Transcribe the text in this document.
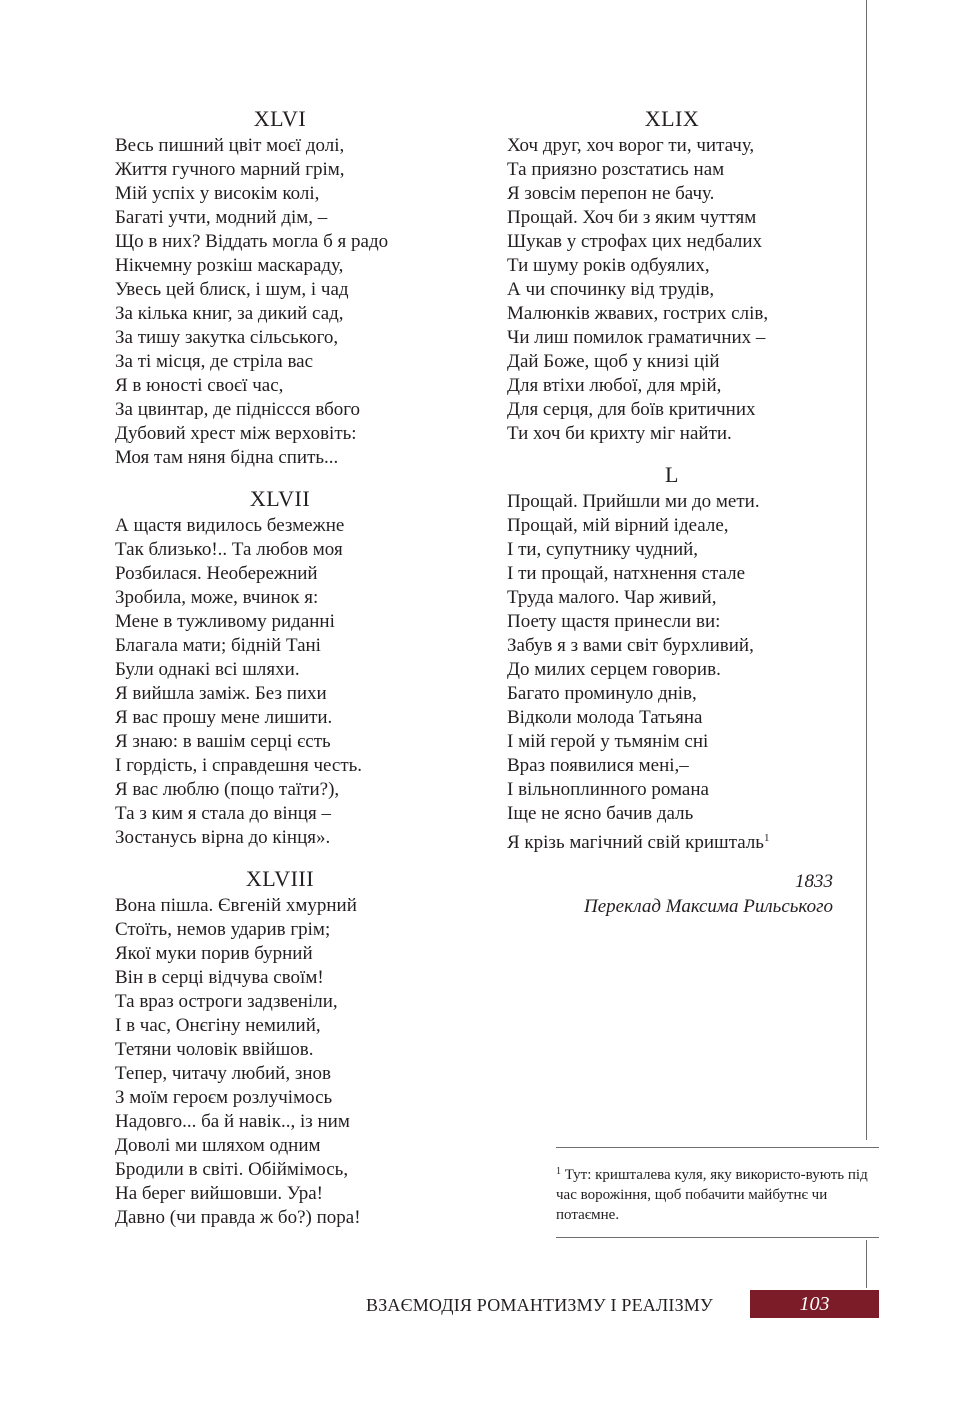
XLVI
Весь пишний цвіт моєї долі,
Життя гучного марний грім,
Мій успіх у високім колі,
Багаті учти, модний дім, –
Що в них? Віддать могла б я радо
Нікчемну розкіш маскараду,
Увесь цей блиск, і шум, і чад
За кілька книг, за дикий сад,
За тишу закутка сільського,
За ті місця, де стріла вас
Я в юності своєї час,
За цвинтар, де підніссся вбого
Дубовий хрест між верховіть:
Моя там няня бідна спить...
XLVII
А щастя видилось безмежне
Так близько!.. Та любов моя
Розбилася. Необережний
Зробила, може, вчинок я:
Мене в тужливому риданні
Благала мати; бідній Тані
Були однакі всі шляхи.
Я вийшла заміж. Без пихи
Я вас прошу мене лишити.
Я знаю: в вашім серці єсть
І гордість, і справдешня честь.
Я вас люблю (пощо таїти?),
Та з ким я стала до вінця –
Зостанусь вірна до кінця».
XLVIII
Вона пішла. Євгеній хмурний
Стоїть, немов ударив грім;
Якої муки порив бурний
Він в серці відчува своїм!
Та враз остроги задзвеніли,
І в час, Онєгіну немилий,
Тетяни чоловік ввійшов.
Тепер, читачу любий, знов
З моїм героєм розлучімось
Надовго... ба й навік.., із ним
Доволі ми шляхом одним
Бродили в світі. Обіймімось,
На берег вийшовши. Ура!
Давно (чи правда ж бо?) пора!
XLIX
Хоч друг, хоч ворог ти, читачу,
Та приязно розстатись нам
Я зовсім перепон не бачу.
Прощай. Хоч би з яким чуттям
Шукав у строфах цих недбалих
Ти шуму років одбуялих,
А чи спочинку від трудів,
Малюнків жвавих, гострих слів,
Чи лиш помилок граматичних –
Дай Боже, щоб у книзі цій
Для втіхи любої, для мрій,
Для серця, для боїв критичних
Ти хоч би крихту міг найти.
L
Прощай. Прийшли ми до мети.
Прощай, мій вірний ідеале,
І ти, супутнику чудний,
І ти прощай, натхнення стале
Труда малого. Чар живий,
Поету щастя принесли ви:
Забув я з вами світ бурхливий,
До милих серцем говорив.
Багато проминуло днів,
Відколи молода Татьяна
І мій герой у тьмянім сні
Враз появилися мені,–
І вільноплинного романа
Іще не ясно бачив даль
Я крізь магічний свій кришталь$^1$
1833
Переклад Максима Рильського
$^1$ Тут: кришталева куля, яку використо-вують під час ворожіння, щоб побачити майбутнє чи потаємне.
ВЗАЄМОДІЯ РОМАНТИЗМУ І РЕАЛІЗМУ	103
